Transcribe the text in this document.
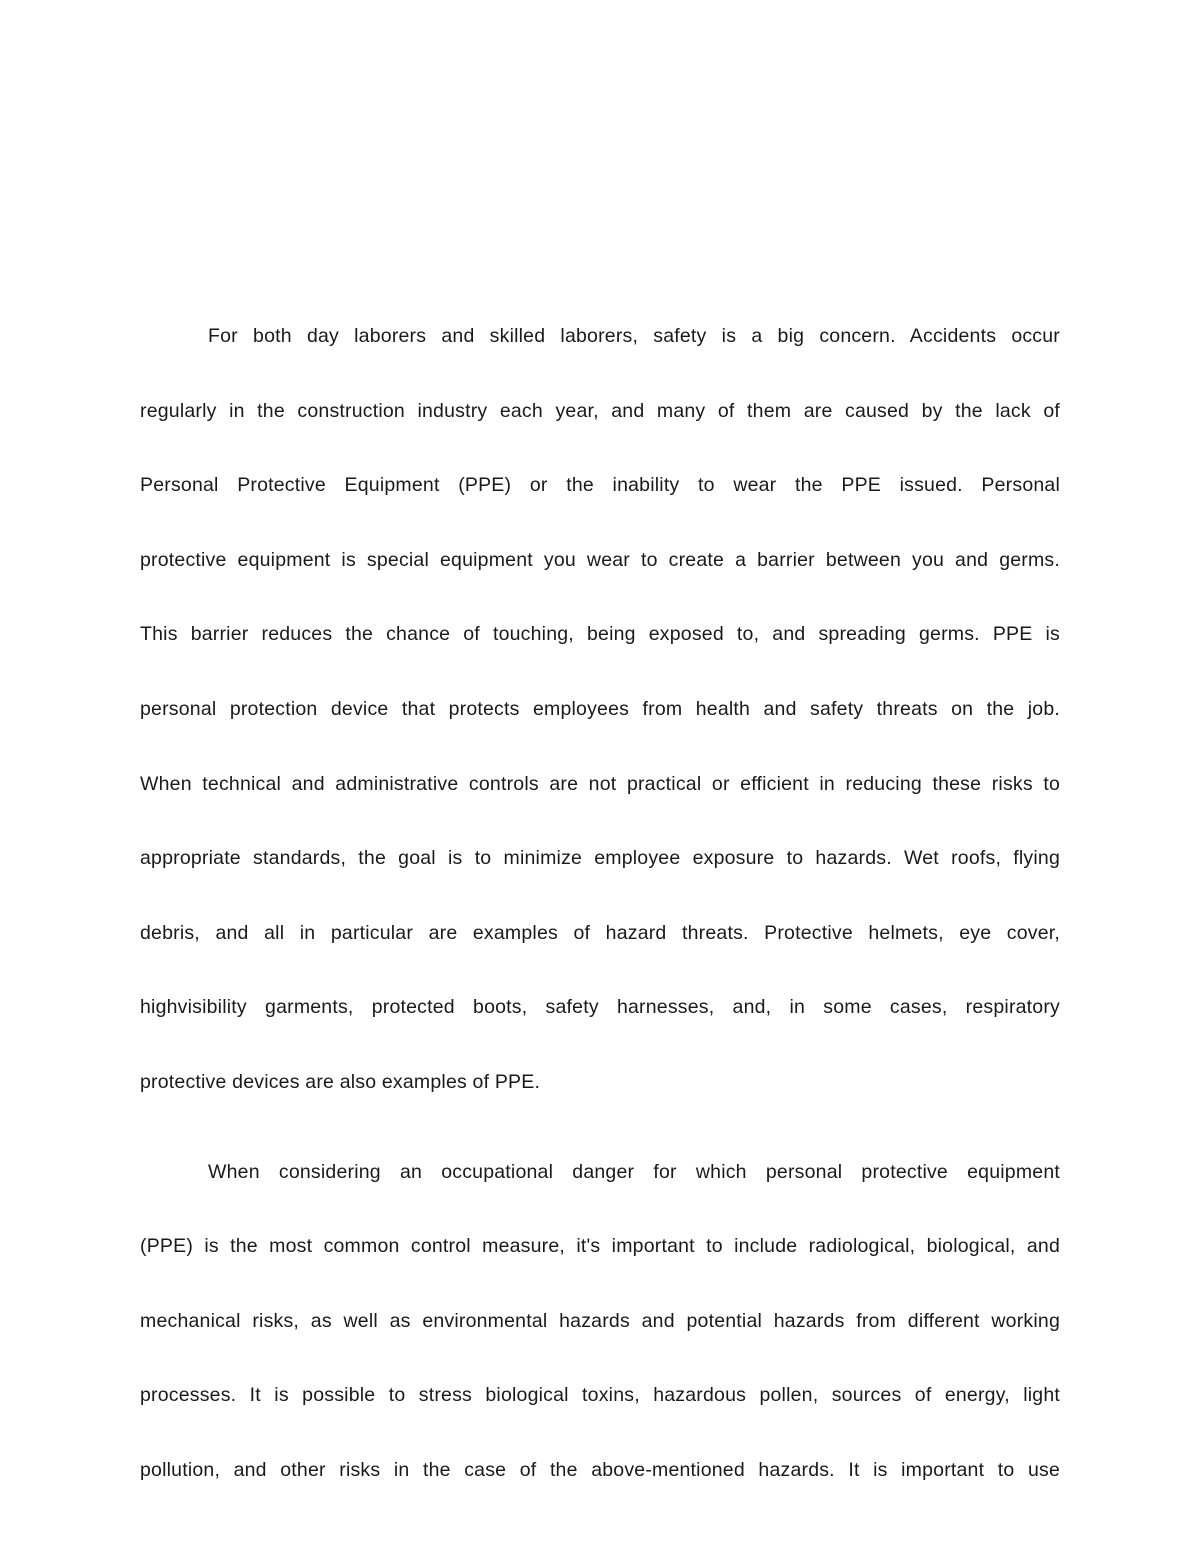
For both day laborers and skilled laborers, safety is a big concern. Accidents occur
regularly in the construction industry each year, and many of them are caused by the lack of
Personal Protective Equipment (PPE) or the inability to wear the PPE issued. Personal
protective equipment is special equipment you wear to create a barrier between you and germs.
This barrier reduces the chance of touching, being exposed to, and spreading germs. PPE is
personal protection device that protects employees from health and safety threats on the job.
When technical and administrative controls are not practical or efficient in reducing these risks to
appropriate standards, the goal is to minimize employee exposure to hazards. Wet roofs, flying
debris, and all in particular are examples of hazard threats. Protective helmets, eye cover,
highvisibility garments, protected boots, safety harnesses, and, in some cases, respiratory
protective devices are also examples of PPE.
When considering an occupational danger for which personal protective equipment
(PPE) is the most common control measure, it's important to include radiological, biological, and
mechanical risks, as well as environmental hazards and potential hazards from different working
processes. It is possible to stress biological toxins, hazardous pollen, sources of energy, light
pollution, and other risks in the case of the above-mentioned hazards. It is important to use
